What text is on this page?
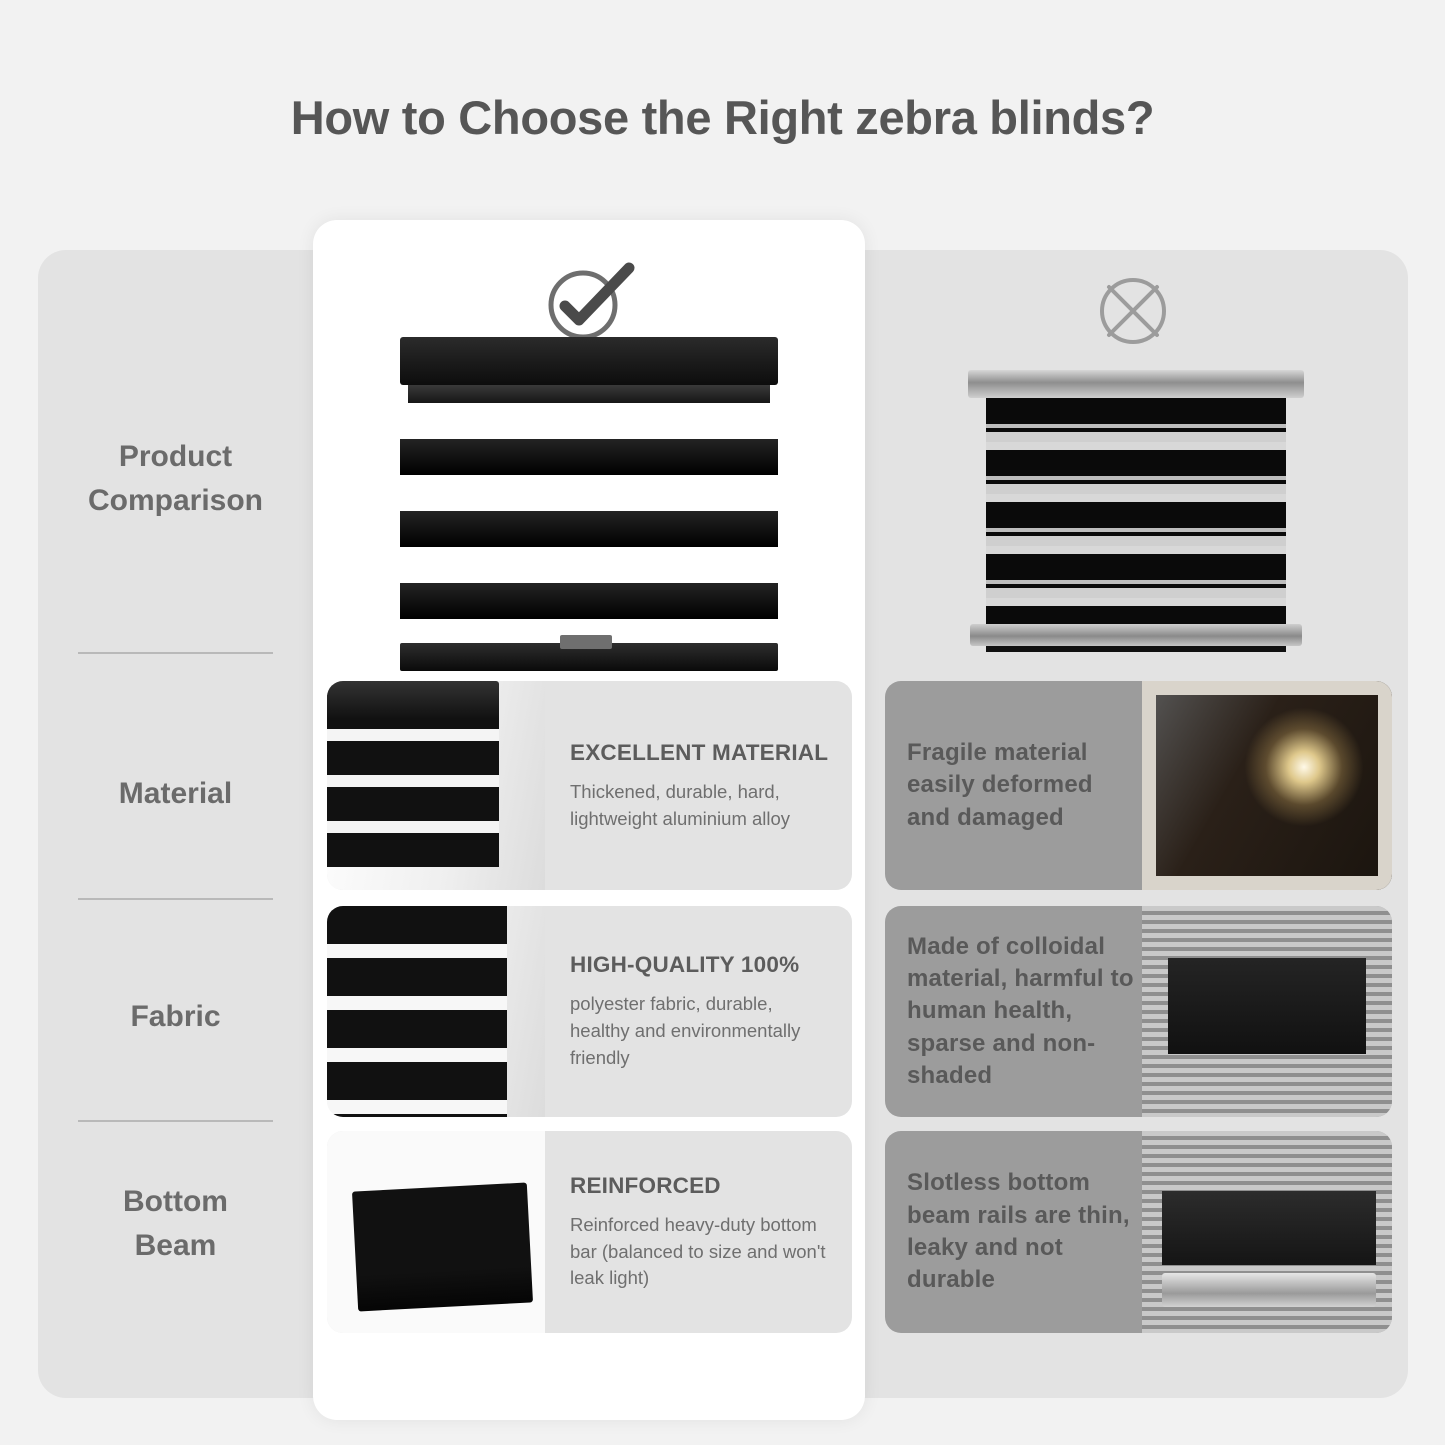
How to Choose the Right zebra blinds?
Product
Comparison
Material
Fabric
Bottom
Beam
EXCELLENT MATERIAL
Thickened, durable, hard, lightweight aluminium alloy
Fragile material easily deformed and damaged
HIGH-QUALITY 100%
polyester fabric, durable, healthy and environmentally friendly
Made of colloidal material, harmful to human health, sparse and non-shaded
REINFORCED
Reinforced heavy-duty bottom bar (balanced to size and won't leak light)
Slotless bottom beam rails are thin, leaky and not durable
